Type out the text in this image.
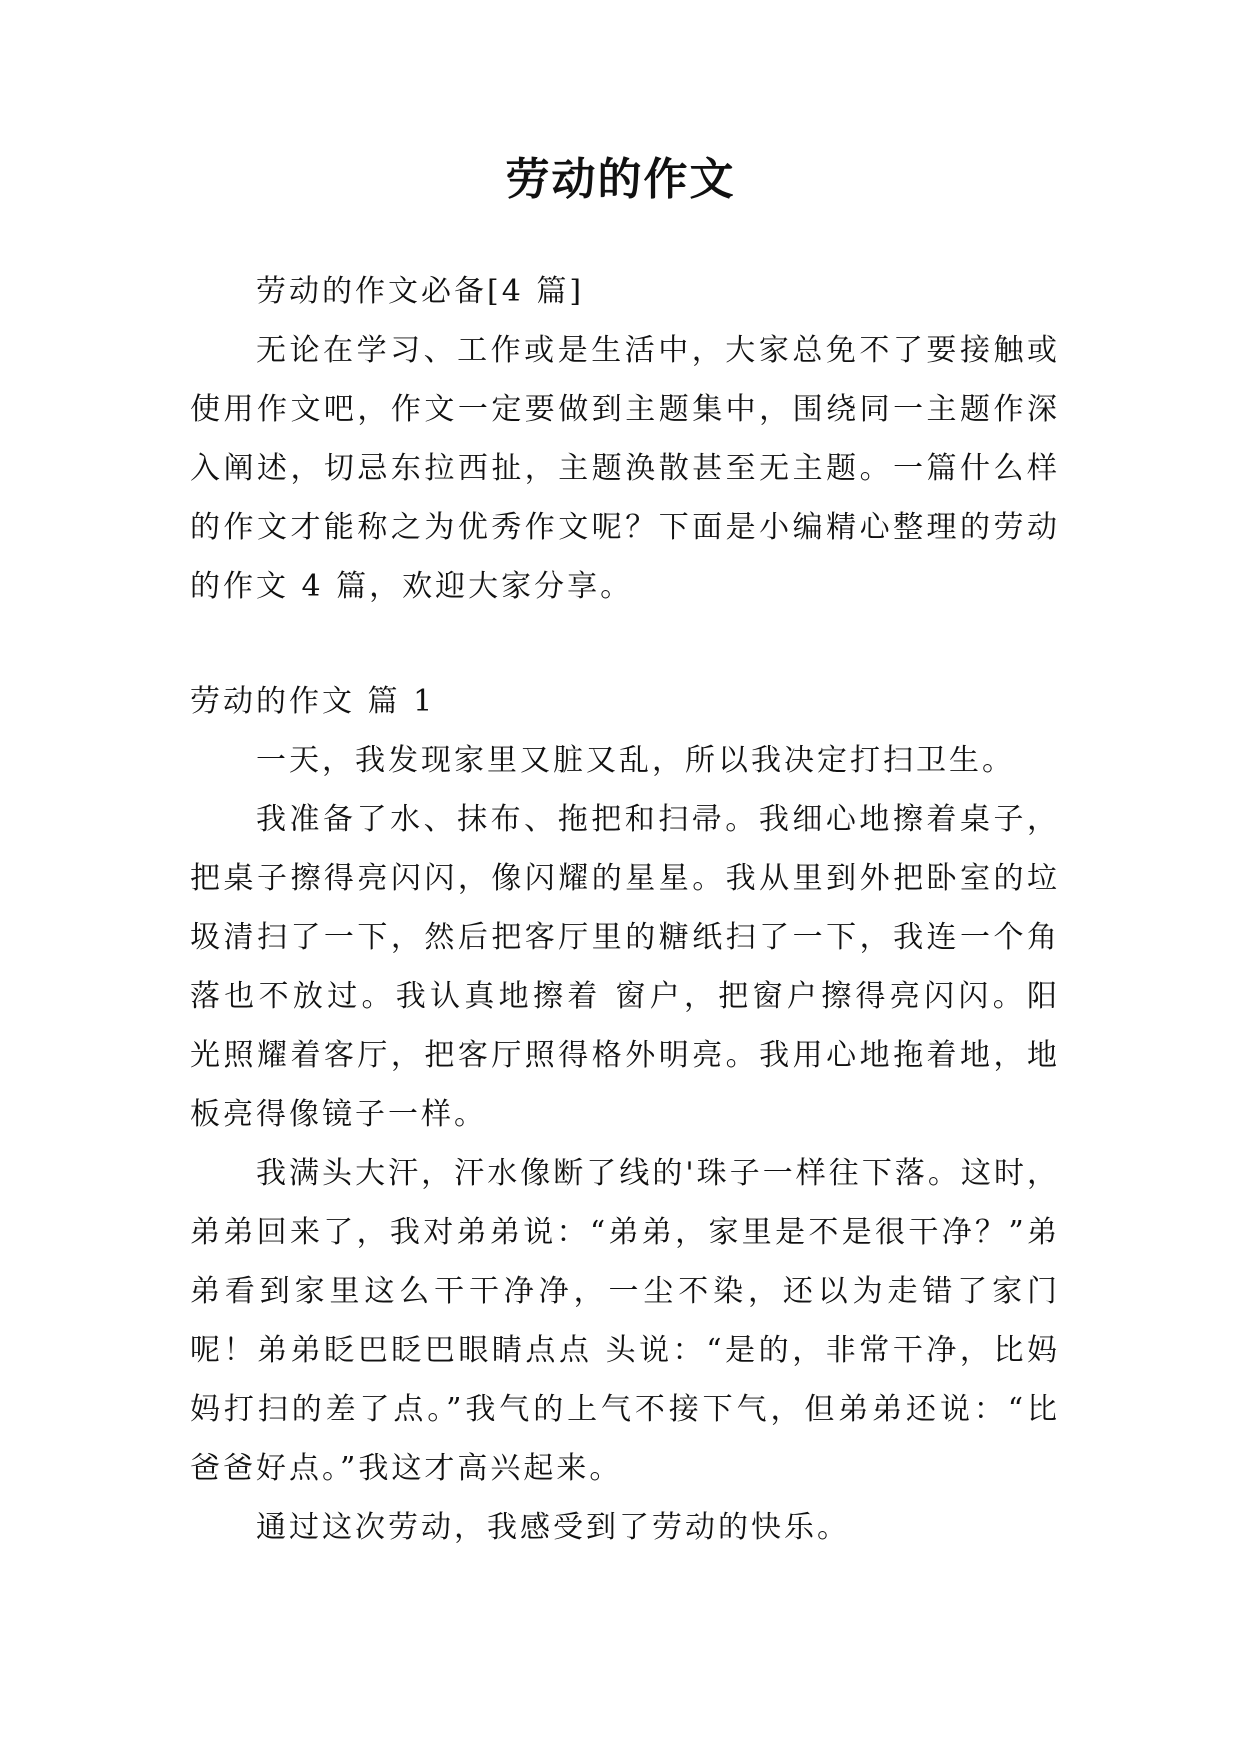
劳动的作文

劳动的作文必备[4 篇]

无论在学习、工作或是生活中，大家总免不了要接触或使用作文吧，作文一定要做到主题集中，围绕同一主题作深入阐述，切忌东拉西扯，主题涣散甚至无主题。一篇什么样的作文才能称之为优秀作文呢？下面是小编精心整理的劳动的作文 4 篇，欢迎大家分享。

劳动的作文 篇 1

一天，我发现家里又脏又乱，所以我决定打扫卫生。

我准备了水、抹布、拖把和扫帚。我细心地擦着桌子，把桌子擦得亮闪闪，像闪耀的星星。我从里到外把卧室的垃圾清扫了一下，然后把客厅里的糖纸扫了一下，我连一个角落也不放过。我认真地擦着 窗户，把窗户擦得亮闪闪。阳光照耀着客厅，把客厅照得格外明亮。我用心地拖着地，地板亮得像镜子一样。

我满头大汗，汗水像断了线的'珠子一样往下落。这时，弟弟回来了，我对弟弟说：“弟弟，家里是不是很干净？”弟弟看到家里这么干干净净，一尘不染，还以为走错了家门呢！弟弟眨巴眨巴眼睛点点 头说：“是的，非常干净，比妈妈打扫的差了点。”我气的上气不接下气，但弟弟还说：“比爸爸好点。”我这才高兴起来。

通过这次劳动，我感受到了劳动的快乐。
